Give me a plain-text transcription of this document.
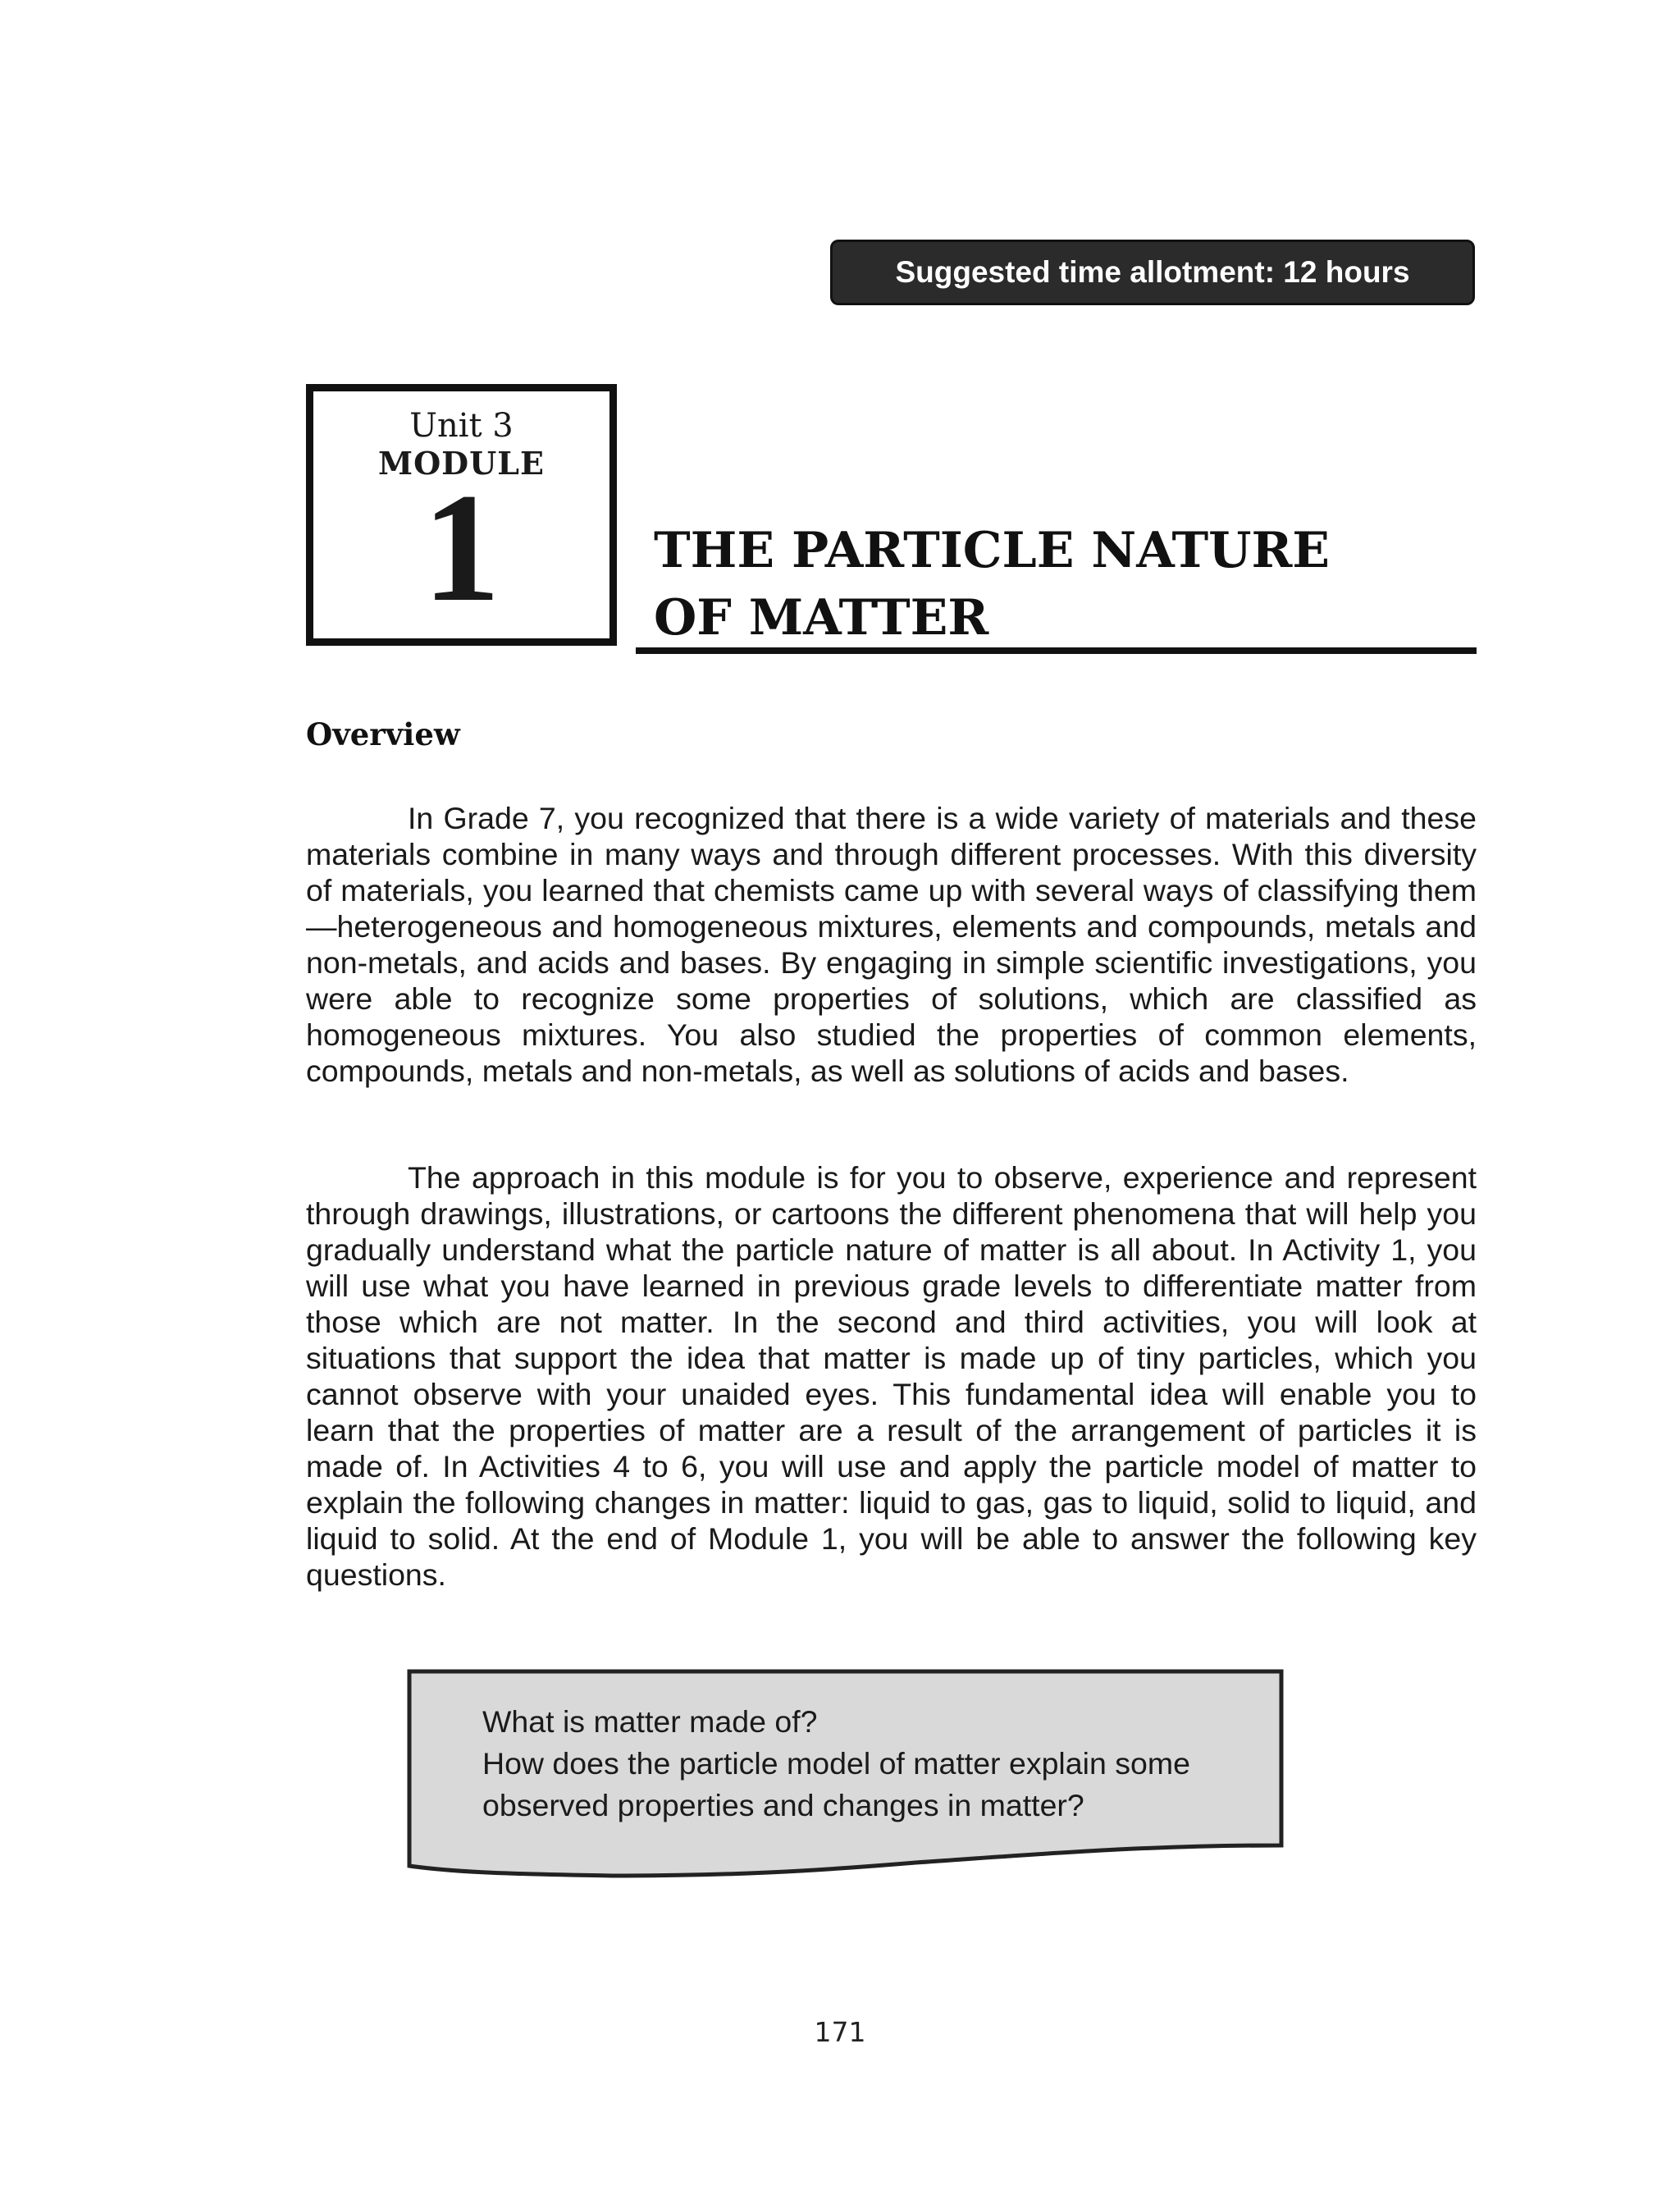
Suggested time allotment: 12 hours
Unit 3
MODULE
1	THE PARTICLE NATURE
OF MATTER
Overview

In Grade 7, you recognized that there is a wide variety of materials and these materials combine in many ways and through different processes. With this diversity of materials, you learned that chemists came up with several ways of classifying them—heterogeneous and homogeneous mixtures, elements and compounds, metals and non-metals, and acids and bases. By engaging in simple scientific investigations, you were able to recognize some properties of solutions, which are classified as homogeneous mixtures. You also studied the properties of common elements, compounds, metals and non-metals, as well as solutions of acids and bases.

The approach in this module is for you to observe, experience and represent through drawings, illustrations, or cartoons the different phenomena that will help you gradually understand what the particle nature of matter is all about. In Activity 1, you will use what you have learned in previous grade levels to differentiate matter from those which are not matter. In the second and third activities, you will look at situations that support the idea that matter is made up of tiny particles, which you cannot observe with your unaided eyes. This fundamental idea will enable you to learn that the properties of matter are a result of the arrangement of particles it is made of. In Activities 4 to 6, you will use and apply the particle model of matter to explain the following changes in matter: liquid to gas, gas to liquid, solid to liquid, and liquid to solid. At the end of Module 1, you will be able to answer the following key questions.

What is matter made of?
How does the particle model of matter explain some
observed properties and changes in matter?
171
